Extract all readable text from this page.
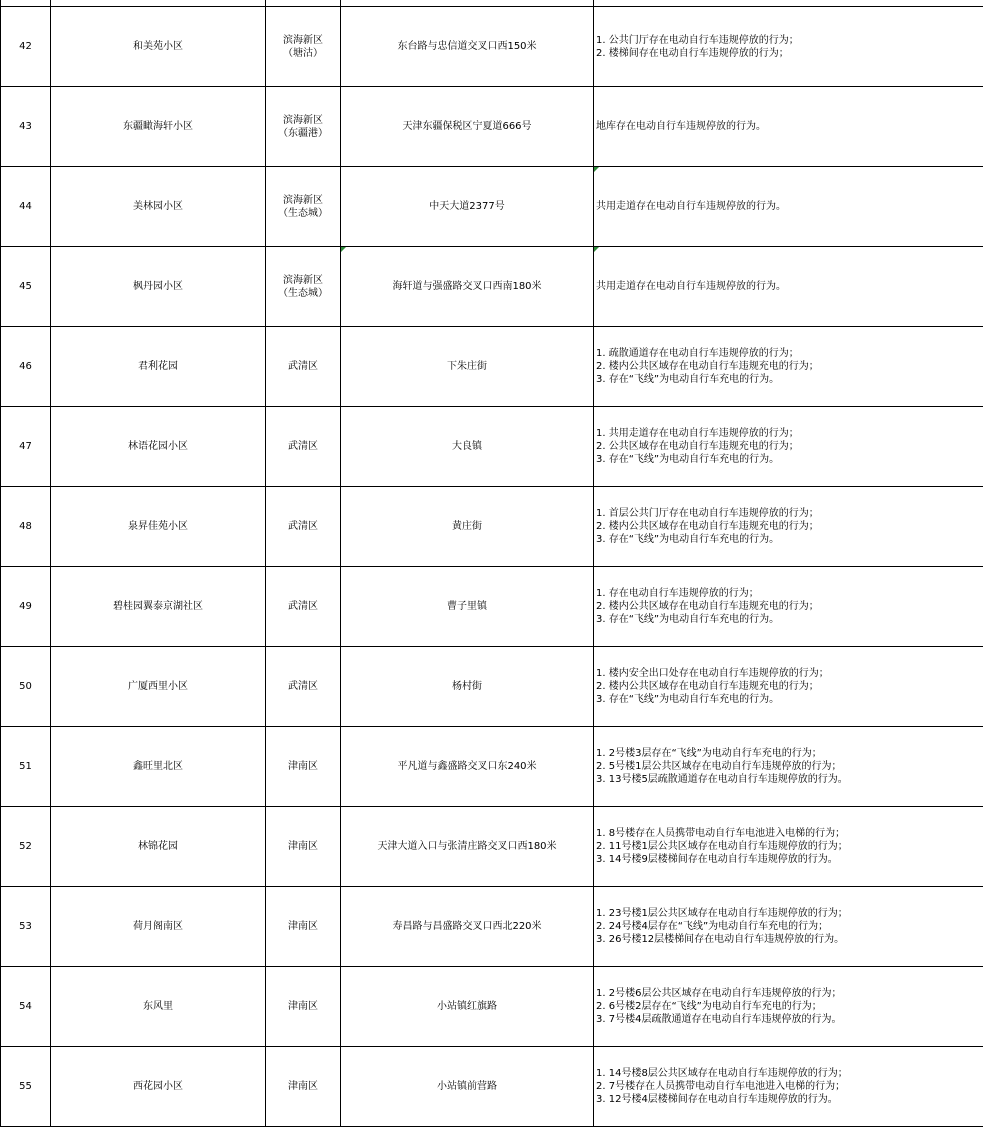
42	和美苑小区	滨海新区
（塘沽）	东台路与忠信道交叉口西150米	1. 公共门厅存在电动自行车违规停放的行为；
2. 楼梯间存在电动自行车违规停放的行为；
43	东疆瞰海轩小区	滨海新区
（东疆港）	天津东疆保税区宁夏道666号	地库存在电动自行车违规停放的行为。
44	美林园小区	滨海新区
（生态城）	中天大道2377号	共用走道存在电动自行车违规停放的行为。
45	枫丹园小区	滨海新区
（生态城）	海轩道与强盛路交叉口西南180米	共用走道存在电动自行车违规停放的行为。
46	君利花园	武清区	下朱庄街	1. 疏散通道存在电动自行车违规停放的行为；
2. 楼内公共区域存在电动自行车违规充电的行为；
3. 存在“飞线”为电动自行车充电的行为。
47	林语花园小区	武清区	大良镇	1. 共用走道存在电动自行车违规停放的行为；
2. 公共区域存在电动自行车违规充电的行为；
3. 存在“飞线”为电动自行车充电的行为。
48	泉昇佳苑小区	武清区	黄庄街	1. 首层公共门厅存在电动自行车违规停放的行为；
2. 楼内公共区域存在电动自行车违规充电的行为；
3. 存在“飞线”为电动自行车充电的行为。
49	碧桂园翼泰京湖社区	武清区	曹子里镇	1. 存在电动自行车违规停放的行为；
2. 楼内公共区域存在电动自行车违规充电的行为；
3. 存在“飞线”为电动自行车充电的行为。
50	广厦西里小区	武清区	杨村街	1. 楼内安全出口处存在电动自行车违规停放的行为；
2. 楼内公共区域存在电动自行车违规充电的行为；
3. 存在“飞线”为电动自行车充电的行为。
51	鑫旺里北区	津南区	平凡道与鑫盛路交叉口东240米	1. 2号楼3层存在“飞线”为电动自行车充电的行为；
2. 5号楼1层公共区域存在电动自行车违规停放的行为；
3. 13号楼5层疏散通道存在电动自行车违规停放的行为。
52	林锦花园	津南区	天津大道入口与张清庄路交叉口西180米	1. 8号楼存在人员携带电动自行车电池进入电梯的行为；
2. 11号楼1层公共区域存在电动自行车违规停放的行为；
3. 14号楼9层楼梯间存在电动自行车违规停放的行为。
53	荷月阁南区	津南区	寿昌路与昌盛路交叉口西北220米	1. 23号楼1层公共区域存在电动自行车违规停放的行为；
2. 24号楼4层存在“飞线”为电动自行车充电的行为；
3. 26号楼12层楼梯间存在电动自行车违规停放的行为。
54	东风里	津南区	小站镇红旗路	1. 2号楼6层公共区域存在电动自行车违规停放的行为；
2. 6号楼2层存在“飞线”为电动自行车充电的行为；
3. 7号楼4层疏散通道存在电动自行车违规停放的行为。
55	西花园小区	津南区	小站镇前营路	1. 14号楼8层公共区域存在电动自行车违规停放的行为；
2. 7号楼存在人员携带电动自行车电池进入电梯的行为；
3. 12号楼4层楼梯间存在电动自行车违规停放的行为。
